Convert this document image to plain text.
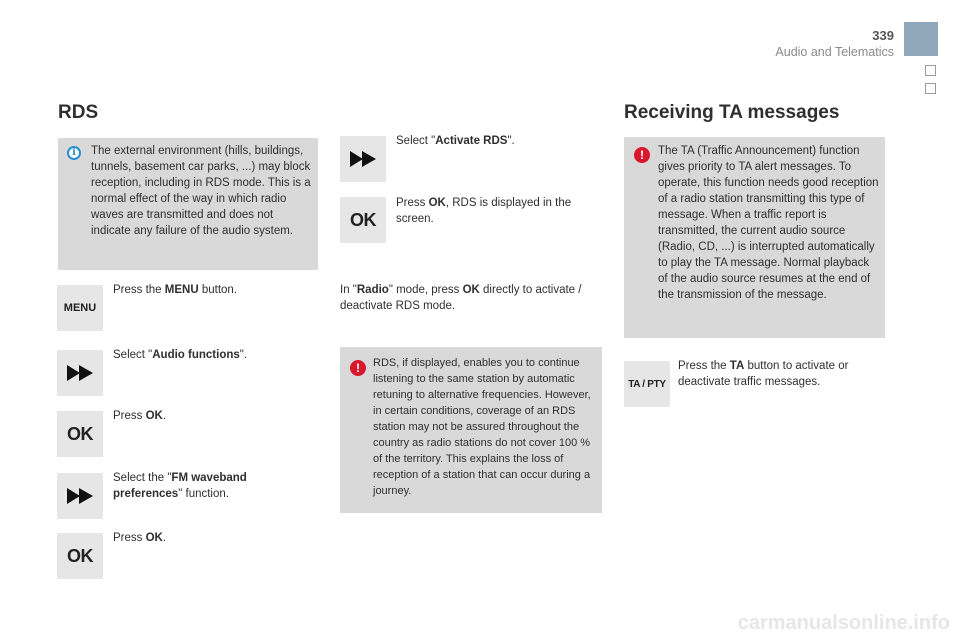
339
Audio and Telematics
RDS
i	The external environment (hills, buildings, tunnels, basement car parks, ...) may block reception, including in RDS mode. This is a normal effect of the way in which radio waves are transmitted and does not indicate any failure of the audio system.
MENU
Press the MENU button.
Select "Audio functions".
OK
Press OK.
Select the "FM waveband preferences" function.
OK
Press OK.
Select "Activate RDS".
OK
Press OK, RDS is displayed in the screen.
In "Radio" mode, press OK directly to activate / deactivate RDS mode.
!	RDS, if displayed, enables you to continue listening to the same station by automatic retuning to alternative frequencies. However, in certain conditions, coverage of an RDS station may not be assured throughout the country as radio stations do not cover 100 % of the territory. This explains the loss of reception of a station that can occur during a journey.
Receiving TA messages
!	The TA (Traffic Announcement) function gives priority to TA alert messages. To operate, this function needs good reception of a radio station transmitting this type of message. When a traffic report is transmitted, the current audio source (Radio, CD, ...) is interrupted automatically to play the TA message. Normal playback of the audio source resumes at the end of the transmission of the message.
TA / PTY
Press the TA button to activate or deactivate traffic messages.
carmanualsonline.info
